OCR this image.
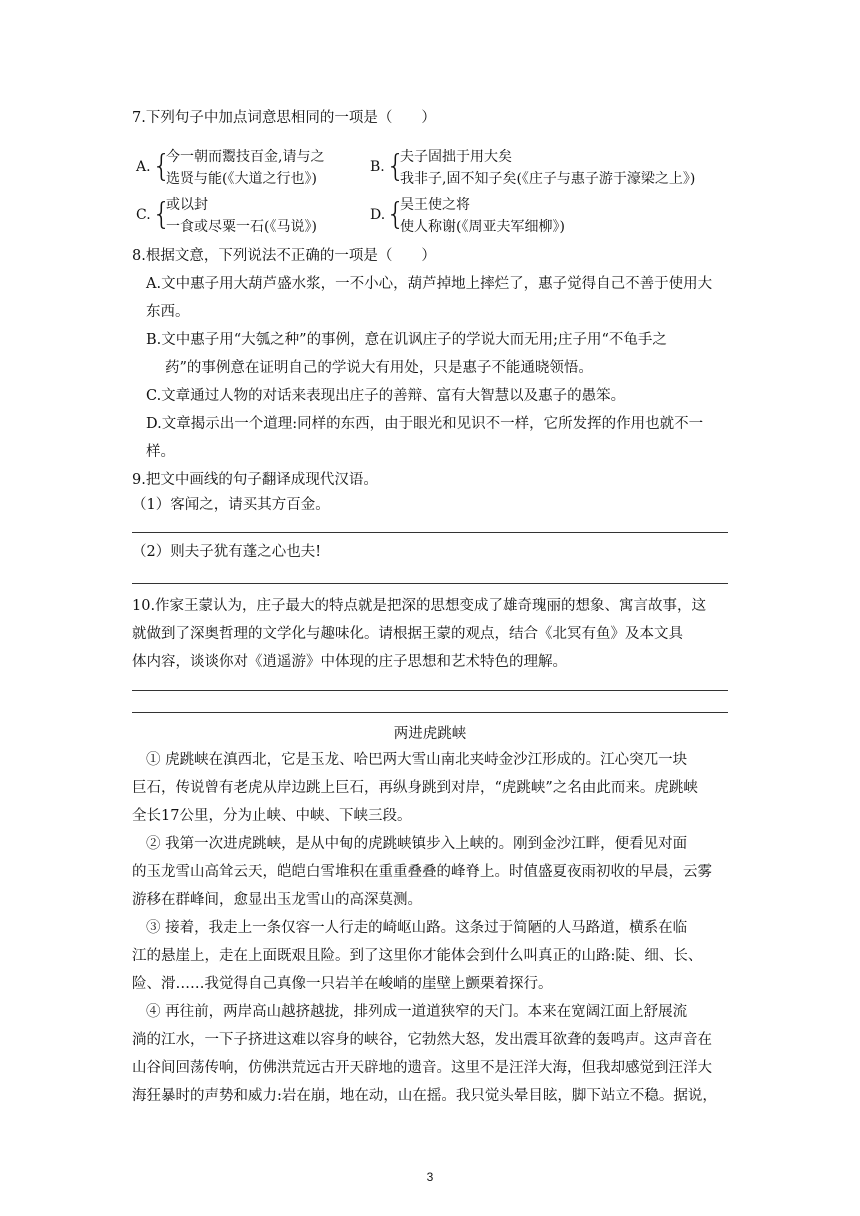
7.下列句子中加点词意思相同的一项是（　　）
A. {
今一朝而鬻技百金,请与之
选贤与能(《大道之行也》)
B. {
夫子固拙于用大矣
我非子,固不知子矣(《庄子与惠子游于濠梁之上》)
C. {
或以封
一食或尽粟一石(《马说》)
D. {
吴王使之将
使人称谢(《周亚夫军细柳》)
8.根据文意，下列说法不正确的一项是（　　）
A.文中惠子用大葫芦盛水浆，一不小心，葫芦掉地上摔烂了，惠子觉得自己不善于使用大
东西。
B.文中惠子用“大瓠之种”的事例，意在讥讽庄子的学说大而无用;庄子用“不龟手之
药”的事例意在证明自己的学说大有用处，只是惠子不能通晓领悟。
C.文章通过人物的对话来表现出庄子的善辩、富有大智慧以及惠子的愚笨。
D.文章揭示出一个道理:同样的东西，由于眼光和见识不一样，它所发挥的作用也就不一
样。
9.把文中画线的句子翻译成现代汉语。
（1）客闻之，请买其方百金。
（2）则夫子犹有蓬之心也夫!
10.作家王蒙认为，庄子最大的特点就是把深的思想变成了雄奇瑰丽的想象、寓言故事，这
就做到了深奥哲理的文学化与趣味化。请根据王蒙的观点，结合《北冥有鱼》及本文具
体内容，谈谈你对《逍遥游》中体现的庄子思想和艺术特色的理解。
两进虎跳峡
① 虎跳峡在滇西北，它是玉龙、哈巴两大雪山南北夹峙金沙江形成的。江心突兀一块
巨石，传说曾有老虎从岸边跳上巨石，再纵身跳到对岸，“虎跳峡”之名由此而来。虎跳峡
全长17公里，分为止峡、中峡、下峡三段。
② 我第一次进虎跳峡，是从中甸的虎跳峡镇步入上峡的。刚到金沙江畔，便看见对面
的玉龙雪山高耸云天，皑皑白雪堆积在重重叠叠的峰脊上。时值盛夏夜雨初收的早晨，云雾
游移在群峰间，愈显出玉龙雪山的高深莫测。
③ 接着，我走上一条仅容一人行走的崎岖山路。这条过于简陋的人马路道，横系在临
江的悬崖上，走在上面既艰且险。到了这里你才能体会到什么叫真正的山路:陡、细、长、
险、滑……我觉得自己真像一只岩羊在峻峭的崖壁上颤栗着探行。
④ 再往前，两岸高山越挤越拢，排列成一道道狭窄的天门。本来在宽阔江面上舒展流
淌的江水，一下子挤进这难以容身的峡谷，它勃然大怒，发出震耳欲聋的轰鸣声。这声音在
山谷间回荡传响，仿佛洪荒远古开天辟地的遗音。这里不是汪洋大海，但我却感觉到汪洋大
海狂暴时的声势和威力:岩在崩，地在动，山在摇。我只觉头晕目眩，脚下站立不稳。据说，
3
